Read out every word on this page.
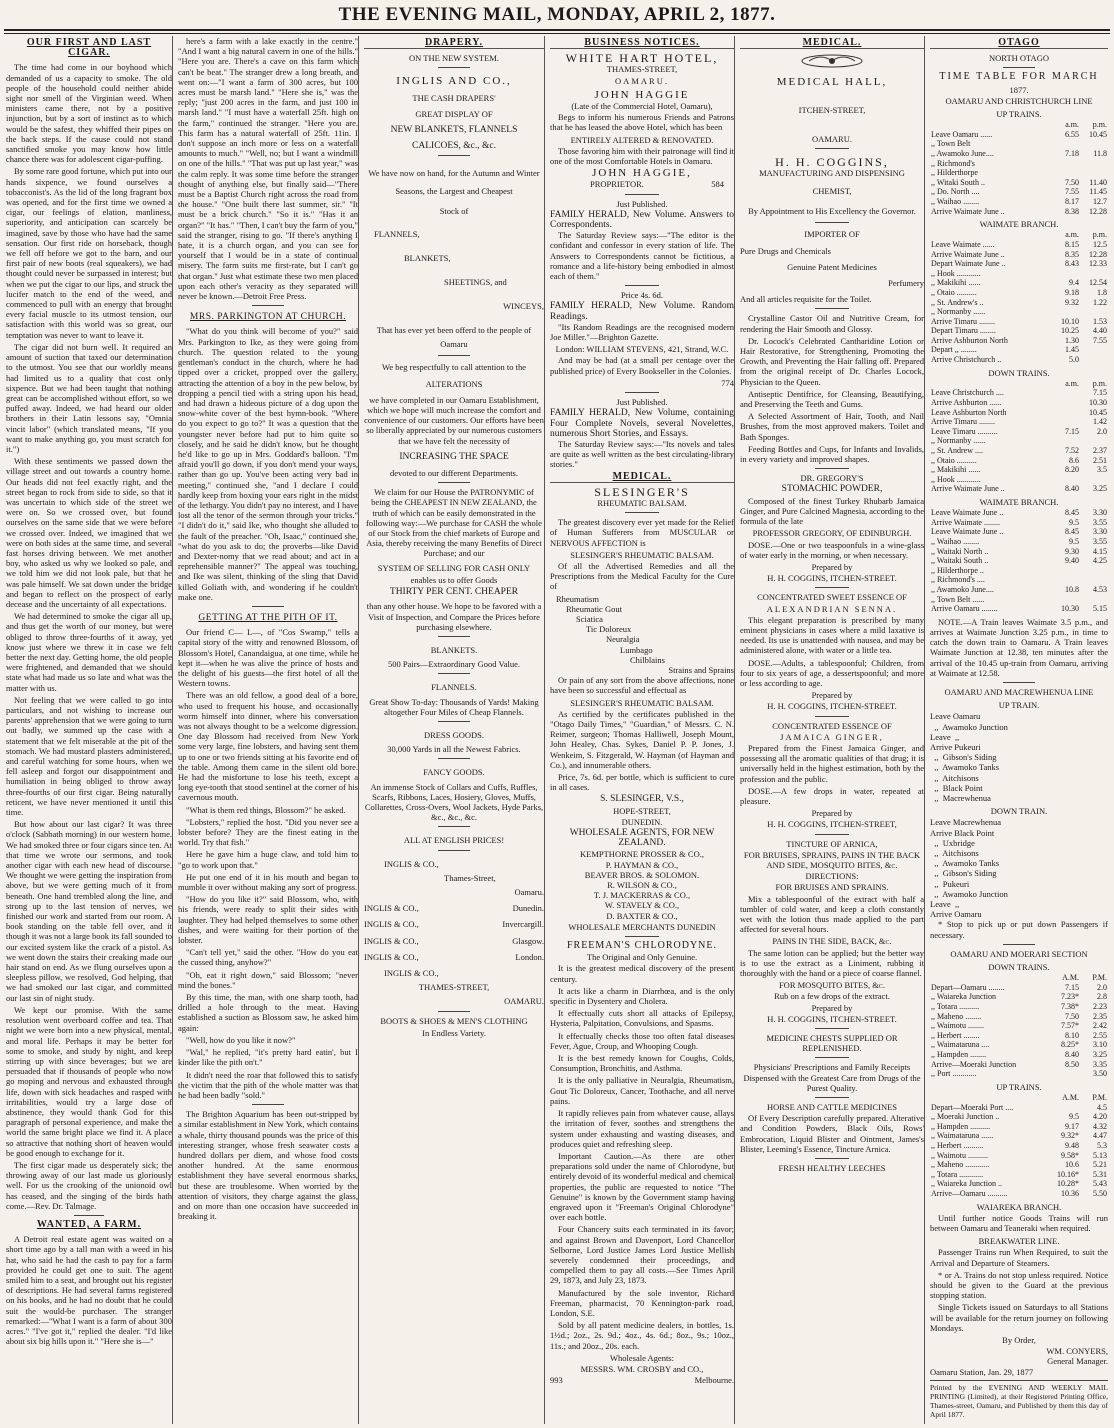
THE EVENING MAIL, MONDAY, APRIL 2, 1877.
OUR FIRST AND LAST CIGAR.

The time had come in our boyhood which demanded of us a capacity to smoke. The old people of the household could neither abide sight nor smell of the Virginian weed. When ministers came there, not by a positive injunction, but by a sort of instinct as to which would be the safest, they whiffed their pipes on the back steps. If the cause could not stand sanctified smoke you may know how little chance there was for adolescent cigar-puffing.

By some rare good fortune, which put into our hands sixpence, we found ourselves a tobacconist's. As the lid of the long fragrant box was opened, and for the first time we owned a cigar, our feelings of elation, manliness, superiority, and anticipation can scarcely be imagined, save by those who have had the same sensation. Our first ride on horseback, though we fell off before we got to the barn, and our first pair of new boots (real squeakers), we had thought could never be surpassed in interest; but when we put the cigar to our lips, and struck the lucifer match to the end of the weed, and commenced to pull with an energy that brought every facial muscle to its utmost tension, our satisfaction with this world was so great, our temptation was never to want to leave it.

The cigar did not burn well. It required an amount of suction that taxed our determination to the utmost. You see that our worldly means had limited us to a quality that cost only sixpence. But we had been taught that nothing great can be accomplished without effort, so we puffed away. Indeed, we had heard our older brothers in their Latin lessons say, "Omnia vincit labor" (which translated means, "If you want to make anything go, you must scratch for it.")

With these sentiments we passed down the village street and out towards a country home. Our heads did not feel exactly right, and the street began to rock from side to side, so that it was uncertain to which side of the street we were on. So we crossed over, but found ourselves on the same side that we were before we crossed over. Indeed, we imagined that we were on both sides at the same time, and several fast horses driving between. We met another boy, who asked us why we looked so pale, and we told him we did not look pale, but that he was pale himself. We sat down under the bridge and began to reflect on the prospect of early decease and the uncertainty of all expectations.

We had determined to smoke the cigar all up, and thus get the worth of our money, but were obliged to throw three-fourths of it away, yet know just where we threw it in case we felt better the next day. Getting home, the old people were frightened, and demanded that we should state what had made us so late and what was the matter with us.

Not feeling that we were called to go into particulars, and not wishing to increase our parents' apprehension that we were going to turn out badly, we summed up the case with a statement that we felt miserable at the pit of the stomach. We had mustard plasters administered, and careful watching for some hours, when we fell asleep and forgot our disappointment and humiliation in being obliged to throw away three-fourths of our first cigar. Being naturally reticent, we have never mentioned it until this time.

But how about our last cigar? It was three o'clock (Sabbath morning) in our western home. We had smoked three or four cigars since ten. At that time we wrote our sermons, and took another cigar with each new head of discourse. We thought we were getting the inspiration from above, but we were getting much of it from beneath. One hand trembled along the line, and strong up to the last tension of nerves, we finished our work and started from our room. A book standing on the table fell over, and it though it was not a large book its fall sounded to our excited system like the crack of a pistol. As we went down the stairs their creaking made our hair stand on end. As we flung ourselves upon a sleepless pillow, we resolved, God helping, that we had smoked our last cigar, and committed our last sin of night study.

We kept our promise. With the same resolution went overboard coffee and tea. That night we were born into a new physical, mental, and moral life. Perhaps it may be better for some to smoke, and study by night, and keep stirring up with since beverages; but we are persuaded that if thousands of people who now go moping and nervous and exhausted through life, down with sick headaches and rasped with irritabilities, would try a large dose of abstinence, they would thank God for this paragraph of personal experience, and make the world the same bright place we find it. A place so attractive that nothing short of heaven would be good enough to exchange for it.

The first cigar made us desperately sick; the throwing away of our last made us gloriously well. For us the crooking of the unionoid owl has ceased, and the singing of the birds hath come.—Rev. Dr. Talmage.

WANTED, A FARM.

A Detroit real estate agent was waited on a short time ago by a tall man with a weed in his hat, who said he had the cash to pay for a farm provided he could get one to suit. The agent smiled him to a seat, and brought out his register of descriptions. He had several farms registered on his books, and he had no doubt that he could suit the would-be purchaser. The stranger remarked:—"What I want is a farm of about 300 acres." "I've got it," replied the dealer. "I'd like about six big hills upon it." "Here she is—"

here's a farm with a lake exactly in the centre." "And I want a big natural cavern in one of the hills." "Here you are. There's a cave on this farm which can't be beat." The stranger drew a long breath, and went on:—"I want a farm of 300 acres, but 100 acres must be marsh land." "Here she is," was the reply; "just 200 acres in the farm, and just 100 in marsh land." "I must have a waterfall 25ft. high on the farm," continued the stranger. "Here you are. This farm has a natural waterfall of 25ft. 11in. I don't suppose an inch more or less on a waterfall amounts to much." "Well, no; but I want a windmill on one of the hills." "That was put up last year," was the calm reply. It was some time before the stranger thought of anything else, but finally said—"There must be a Baptist Church right across the road from the house." "One built there last summer, sir." "It must be a brick church." "So it is." "Has it an organ?" "It has." "Then, I can't buy the farm of you," said the stranger, rising to go. "If there's anything I hate, it is a church organ, and you can see for yourself that I would be in a state of continual misery. The farm suits me first-rate, but I can't go that organ." Just what estimate these two men placed upon each other's veracity as they separated will never be known.—Detroit Free Press.

MRS. PARKINGTON AT CHURCH.

"What do you think will become of you?" said Mrs. Parkington to Ike, as they were going from church. The question related to the young gentleman's conduct in the church, where he had tipped over a cricket, propped over the gallery, attracting the attention of a boy in the pew below, by dropping a pencil tied with a string upon his head, and had drawn a hideous picture of a dog upon the snow-white cover of the best hymn-book. "Where do you expect to go to?" It was a question that the youngster never before had put to him quite so closely, and he said he didn't know, but he thought he'd like to go up in Mrs. Goddard's balloon. "I'm afraid you'll go down, if you don't mend your ways, rather than go up. You've been acting very bad in meeting," continued she, "and I declare I could hardly keep from boxing your ears right in the midst of the lethargy. You didn't pay no interest, and I have lost all the tenor of the sermon through your tricks." "I didn't do it," said Ike, who thought she alluded to the fault of the preacher. "Oh, Isaac," continued she, "what do you ask to do; the proverbs—like David and Dexter-nomy that we read about; and act in a reprehensible manner?" The appeal was touching, and Ike was silent, thinking of the sling that David killed Goliath with, and wondering if he couldn't make one.

GETTING AT THE PITH OF IT.

Our friend C— L—, of "Cos Swamp," tells a capital story of the witty and renowned Blossom, of Blossom's Hotel, Canandaigua, at one time, while he kept it—when he was alive the prince of hosts and the delight of his guests—the first hotel of all the Western towns.

There was an old fellow, a good deal of a bore, who used to frequent his house, and occasionally worm himself into dinner, where his conversation was not always thought to be a welcome digression. One day Blossom had received from New York some very large, fine lobsters, and having sent them up to one or two friends sitting at his favorite end of the table. Among them came in the silent old bore. He had the misfortune to lose his teeth, except a long eye-tooth that stood sentinel at the corner of his cavernous mouth.

"What is them red things, Blossom?" he asked.

"Lobsters," replied the host. "Did you never see a lobster before? They are the finest eating in the world. Try that fish."

Here he gave him a huge claw, and told him to "go to work upon that."

He put one end of it in his mouth and began to mumble it over without making any sort of progress.

"How do you like it?" said Blossom, who, with his friends, were ready to split their sides with laughter. They had helped themselves to some other dishes, and were waiting for their portion of the lobster.

"Can't tell yet," said the other. "How do you eat the cussed thing, anyhow?"

"Oh, eat it right down," said Blossom; "never mind the bones."

By this time, the man, with one sharp tooth, had drilled a hole through to the meat. Having established a suction as Blossom saw, he asked him again:

"Well, how do you like it now?"

"Wal," he replied, "it's pretty hard eatin', but I kinder like the pith on't."

It didn't need the roar that followed this to satisfy the victim that the pith of the whole matter was that he had been badly "sold."

The Brighton Aquarium has been out-stripped by a similar establishment in New York, which contains a whale, thirty thousand pounds was the price of this interesting stranger, whose fresh seawater costs a hundred dollars per diem, and whose food costs another hundred. At the same enormous establishment they have several enormous sharks, but these are troublesome. When worried by the attention of visitors, they charge against the glass, and on more than one occasion have succeeded in breaking it.

DRAPERY.
ON THE NEW SYSTEM.
INGLIS AND CO.,
THE CASH DRAPERS'
GREAT DISPLAY OF
NEW BLANKETS, FLANNELS
CALICOES, &c., &c.
We have now on hand, for the Autumn and Winter Seasons, the Largest and Cheapest
Stock of
FLANNELS,
BLANKETS,
SHEETINGS, and
WINCEYS,
That has ever yet been offerd to the people of Oamaru
We beg respectfully to call attention to the
ALTERATIONS
we have completed in our Oamaru Establishment, which we hope will much increase the comfort and convenience of our customers. Our efforts have been so liberally appreciated by our numerous customers that we have felt the necessity of
INCREASING THE SPACE
devoted to our different Departments.
We claim for our House the PATRONYMIC of being the CHEAPEST IN NEW ZEALAND, the truth of which can be easily demonstrated in the following way:—We purchase for CASH the whole of our Stock from the chief markets of Europe and Asia, thereby receiving the many Benefits of Direct Purchase; and our
SYSTEM OF SELLING FOR CASH ONLY
enables us to offer Goods
THIRTY PER CENT. CHEAPER
than any other house. We hope to be favored with a Visit of Inspection, and Compare the Prices before purchasing elsewhere.
BLANKETS.
500 Pairs—Extraordinary Good Value.
FLANNELS.
Great Show To-day: Thousands of Yards! Making altogether Four Miles of Cheap Flannels.
DRESS GOODS.
30,000 Yards in all the Newest Fabrics.
FANCY GOODS.
An immense Stock of Collars and Cuffs, Ruffles, Scarfs, Ribbons, Laces, Hosiery, Gloves, Muffs, Collarettes, Cross-Overs, Wool Jackets, Hyde Parks, &c., &c., &c.
ALL AT ENGLISH PRICES!
INGLIS & CO.,
Thames-Street,
Oamaru.
INGLIS & CO.,	Dunedin.
INGLIS & CO.,	Invercargill.
INGLIS & CO.,	Glasgow.
INGLIS & CO.,	London.
INGLIS & CO.,
THAMES-STREET,
OAMARU.
BOOTS & SHOES & MEN'S CLOTHING
In Endless Variety.
BUSINESS NOTICES.
WHITE HART HOTEL,
THAMES-STREET,
OAMARU.
JOHN HAGGIE
(Late of the Commercial Hotel, Oamaru),

Begs to inform his numerous Friends and Patrons that he has leased the above Hotel, which has been

ENTIRELY ALTERED & RENOVATED.

Those favoring him with their patronage will find it one of the most Comfortable Hotels in Oamaru.

JOHN HAGGIE,
PROPRIETOR.	584
Just Published.
FAMILY HERALD, New Volume. Answers to Correspondents.

The Saturday Review says:—"The editor is the confidant and confessor in every station of life. The Answers to Correspondents cannot be fictitious, a romance and a life-history being embodied in almost each of them."

Price 4s. 6d.
FAMILY HERALD, New Volume. Random Readings.

"Its Random Readings are the recognised modern Joe Miller."—Brighton Gazette.

London: WILLIAM STEVENS, 421, Strand, W.C.

And may be had (at a small per centage over the published price) of Every Bookseller in the Colonies.

774
Just Published.
FAMILY HERALD, New Volume, containing Four Complete Novels, several Novelettes, numerous Short Stories, and Essays.

The Saturday Review says:—"Its novels and tales are quite as well written as the best circulating-library stories."

MEDICAL.
SLESINGER'S
RHEUMATIC BALSAM.

The greatest discovery ever yet made for the Relief of Human Sufferers from MUSCULAR or NERVOUS AFFECTION is

SLESINGER'S RHEUMATIC BALSAM.

Of all the Advertised Remedies and all the Prescriptions from the Medical Faculty for the Cure of

Rheumatism
Rheumatic Gout
Sciatica
Tic Doloreux
Neuralgia
Lumbago
Chilblains
Strains and Sprains

Or pain of any sort from the above affections, none have been so successful and effectual as

SLESINGER'S RHEUMATIC BALSAM.

As certified by the certificates published in the "Otago Daily Times," "Guardian," of Messrs. C. N. Reimer, surgeon; Thomas Halliwell, Joseph Mount, John Healey, Chas. Sykes, Daniel P. P. Jones, J. Wenkeim, S. Fitzgerald, W. Hayman (of Hayman and Co.), and innumerable others.

Price, 7s. 6d. per bottle, which is sufficient to cure in all cases.

S. SLESINGER, V.S.,
HOPE-STREET,
DUNEDIN.
WHOLESALE AGENTS, FOR NEW ZEALAND.
KEMPTHORNE PROSSER & CO.,
P. HAYMAN & CO.,
BEAVER BROS. & SOLOMON.
R. WILSON & CO.,
T. J. MACKERRAS & CO.,
W. STAVELY & CO.,
D. BAXTER & CO.,
WHOLESALE MERCHANTS DUNEDIN
FREEMAN'S CHLORODYNE.
The Original and Only Genuine.

It is the greatest medical discovery of the present century.

It acts like a charm in Diarrhœa, and is the only specific in Dysentery and Cholera.

It effectually cuts short all attacks of Epilepsy, Hysteria, Palpitation, Convulsions, and Spasms.

It effectually checks those too often fatal diseases Fever, Ague, Croup, and Whooping Cough.

It is the best remedy known for Coughs, Colds, Consumption, Bronchitis, and Asthma.

It is the only palliative in Neuralgia, Rheumatism, Gout Tic Doloreux, Cancer, Toothache, and all nerve pains.

It rapidly relieves pain from whatever cause, allays the irritation of fever, soothes and strengthens the system under exhausting and wasting diseases, and produces quiet and refreshing sleep.

Important Caution.—As there are other preparations sold under the name of Chlorodyne, but entirely devoid of its wonderful medical and chemical properties, the public are requested to notice "The Genuine" is known by the Government stamp having engraved upon it "Freeman's Original Chlorodyne" over each bottle.

Four Chancery suits each terminated in its favor; and against Brown and Davenport, Lord Chancellor Selborne, Lord Justice James Lord Justice Mellish severely condemned their proceedings, and compelled them to pay all costs.—See Times April 29, 1873, and July 23, 1873.

Manufactured by the sole inventor, Richard Freeman, pharmacist, 70 Kennington-park road, London, S.E.

Sold by all patent medicine dealers, in bottles, 1s. 1½d.; 2oz., 2s. 9d.; 4oz., 4s. 6d.; 8oz., 9s.; 10oz., 11s.; and 20oz., 20s. each.

Wholesale Agents:
MESSRS. WM. CROSBY and CO.,
993	Melbourne.
MEDICAL.
MEDICAL HALL,
ITCHEN-STREET,
OAMARU.
H. H. COGGINS,
MANUFACTURING AND DISPENSING
CHEMIST,
By Appointment to His Excellency the Governor.
IMPORTER OF
Pure Drugs and Chemicals
Genuine Patent Medicines
Perfumery
And all articles requisite for the Toilet.

Crystalline Castor Oil and Nutritive Cream, for rendering the Hair Smooth and Glossy.

Dr. Locock's Celebrated Cantharidine Lotion or Hair Restorative, for Strengthening, Promoting the Growth, and Preventing the Hair falling off. Prepared from the original receipt of Dr. Charles Locock, Physician to the Queen.

Antiseptic Dentifrice, for Cleansing, Beautifying, and Preserving the Teeth and Gums.

A Selected Assortment of Hair, Tooth, and Nail Brushes, from the most approved makers. Toilet and Bath Sponges.

Feeding Bottles and Cups, for Infants and Invalids, in every variety and improved shapes.

DR. GREGORY'S
STOMACHIC POWDER,

Composed of the finest Turkey Rhubarb Jamaica Ginger, and Pure Calcined Magnesia, according to the formula of the late

PROFESSOR GREGORY, OF EDINBURGH.

DOSE.—One or two teaspoonfuls in a wine-glass of water early in the morning, or when necessary.

Prepared by
H. H. COGGINS, ITCHEN-STREET.
CONCENTRATED SWEET ESSENCE OF
ALEXANDRIAN SENNA.

This elegant preparation is prescribed by many eminent physicians in cases where a mild laxative is needed. Its use is unattended with nausea, and may be administered alone, with water or a little tea.

DOSE.—Adults, a tablespoonful; Children, from four to six years of age, a dessertspoonful; and more or less according to age.

Prepared by
H. H. COGGINS, ITCHEN-STREET.
CONCENTRATED ESSENCE OF
JAMAICA GINGER,

Prepared from the Finest Jamaica Ginger, and possessing all the aromatic qualities of that drug; it is universally held in the highest estimation, both by the profession and the public.

DOSE.—A few drops in water, repeated at pleasure.

Prepared by
H. H. COGGINS, ITCHEN-STREET,
TINCTURE OF ARNICA,
FOR BRUISES, SPRAINS, PAINS IN THE BACK AND SIDE, MOSQUITO BITES, &c.
DIRECTIONS:
FOR BRUISES AND SPRAINS.

Mix a tablespoonful of the extract with half a tumbler of cold water, and keep a cloth constantly wet with the lotion thus made applied to the part affected for several hours.

PAINS IN THE SIDE, BACK, &c.

The same lotion can be applied; but the better way is to use the extract as a Liniment, rubbing it thoroughly with the hand or a piece of coarse flannel.

FOR MOSQUITO BITES, &c.
Rub on a few drops of the extract.
Prepared by
H. H. COGGINS, ITCHEN-STREET.
MEDICINE CHESTS SUPPLIED OR REPLENISHED.
Physicians' Prescriptions and Family Receipts Dispensed with the Greatest Care from Drugs of the Purest Quality.
HORSE AND CATTLE MEDICINES

Of Every Description carefully prepared. Alterative and Condition Powders, Black Oils, Rows' Embrocation, Liquid Blister and Ointment, James's Blister, Leeming's Essence, Tincture Arnica.

FRESH HEALTHY LEECHES
OTAGO
NORTH OTAGO
TIME TABLE FOR MARCH
1877.
OAMARU AND CHRISTCHURCH LINE
UP TRAINS.
	a.m.	p.m.
Leave Oamaru ......	6.55	10.45
,, Town Belt		
,, Awamoko June....	7.18	11.8
,, Richmond's		
,, Hilderthorpe		
,, Witaki South ..	7.50	11.40
,, Do. North ....	7.55	11.45
,, Waihao ........	8.17	12.7
Arrive Waimate June ..	8.38	12.28
WAIMATE BRANCH.
	a.m.	p.m.
Leave Waimate ......	8.15	12.5
Arrive Waimate June ..	8.35	12.28
Depart Waimate June ..	8.43	12.33
,, Hook ............		
,, Makikihi ......	9.4	12.54
,, Otaio ..........	9.18	1.8
,, St. Andrew's ..	9.32	1.22
,, Normanby ......		
Arrive Timaru ........	10.10	1.53
Depart Timaru ........	10.25	4.40
Arrive Ashburton North	1.30	7.55
Depart ,, ........	1.45	
Arrive Christchurch ..	5.0	
DOWN TRAINS.
	a.m.	p.m.
Leave Christchurch ....		7.15
Arrive Ashburton ......		10.30
Leave Ashburton North		10.45
Arrive Timaru ........		1.42
Leave Timaru ..........	7.15	2.0
,, Normanby ......		
,, St. Andrew ....	7.52	2.37
,, Otaio ..........	8.6	2.51
,, Makikihi ......	8.20	3.5
,, Hook ............		
Arrive Waimate June ..	8.40	3.25
WAIMATE BRANCH.
Leave Waimate June ..	8.45	3.30
Arrive Waimate ........	9.5	3.55
Leave Waimate June ..	8.45	3.30
,, Waihao ........	9.5	3.55
,, Waitaki North ..	9.30	4.15
,, Waitaki South ..	9.40	4.25
,, Hilderthorpe ..		
,, Richmond's ....		
,, Awamoko June....	10.8	4.53
,, Town Belt ......		
Arrive Oamaru ........	10.30	5.15

NOTE.—A Train leaves Waimate 3.5 p.m., and arrives at Waimate Junction 3.25 p.m., in time to catch the down train to Oamaru. A Train leaves Waimate Junction at 12.38, ten minutes after the arrival of the 10.45 up-train from Oamaru, arriving at Waimate at 12.58.

OAMARU AND MACREWHENUA LINE
UP TRAIN.
Leave Oamaru
,,  Awamoko Junction
Leave  ,,
Arrive Pukeuri
,,  Gibson's Siding
,,  Awamoko Tanks
,,  Aitchisons
,,  Black Point
,,  Macrewhenua
DOWN TRAIN.
Leave Macrewhenua
Arrive Black Point
,,  Uxbridge
,,  Aitchisons
,,  Awamoko Tanks
,,  Gibson's Siding
,,  Pukeuri
,,  Awamoko Junction
Leave  ,,
Arrive Oamaru

* Stop to pick up or put down Passengers if necessary.

OAMARU AND MOERARI SECTION
DOWN TRAINS.
	A.M.	P.M.
Depart—Oamaru ........	7.15	2.0
,, Waiareka Junction	7.23*	2.8
,, Totara ..........	7.38*	2.23
,, Maheno ........	7.50	2.35
,, Waimotu ........	7.57*	2.42
,, Herbert ........	8.10	2.55
,, Waimataruna ....	8.25*	3.10
,, Hampden ........	8.40	3.25
Arrive—Moeraki Junction	8.50	3.35
,, Port ............		3.50
UP TRAINS.
	A.M.	P.M.
Depart—Moeraki Port ....		4.5
,, Moeraki Junction ..	9.5	4.20
,, Hampden ..........	9.17	4.32
,, Waimataruna ......	9.32*	4.47
,, Herbert ..........	9.48	5.3
,, Waimotu ..........	9.58*	5.13
,, Maheno ............	10.6	5.21
,, Totara ............	10.16*	5.31
,, Waiareka Junction ..	10.28*	5.43
Arrive—Oamaru ..........	10.36	5.50
WAIAREKA BRANCH.

Until further notice Goods Trains will run between Oamaru and Teaneraki when required.

BREAKWATER LINE.

Passenger Trains run When Required, to suit the Arrival and Departure of Steamers.

* or A. Trains do not stop unless required. Notice should be given to the Guard at the previous stopping station.

Single Tickets issued on Saturdays to all Stations will be available for the return journey on following Mondays.

By Order,
WM. CONYERS,
General Manager.
Oamaru Station, Jan. 29, 1877
Printed by the EVENING AND WEEKLY MAIL PRINTING (Limited), at their Registered Printing Office, Thames-street, Oamaru, and Published by them this day of April 1877.
